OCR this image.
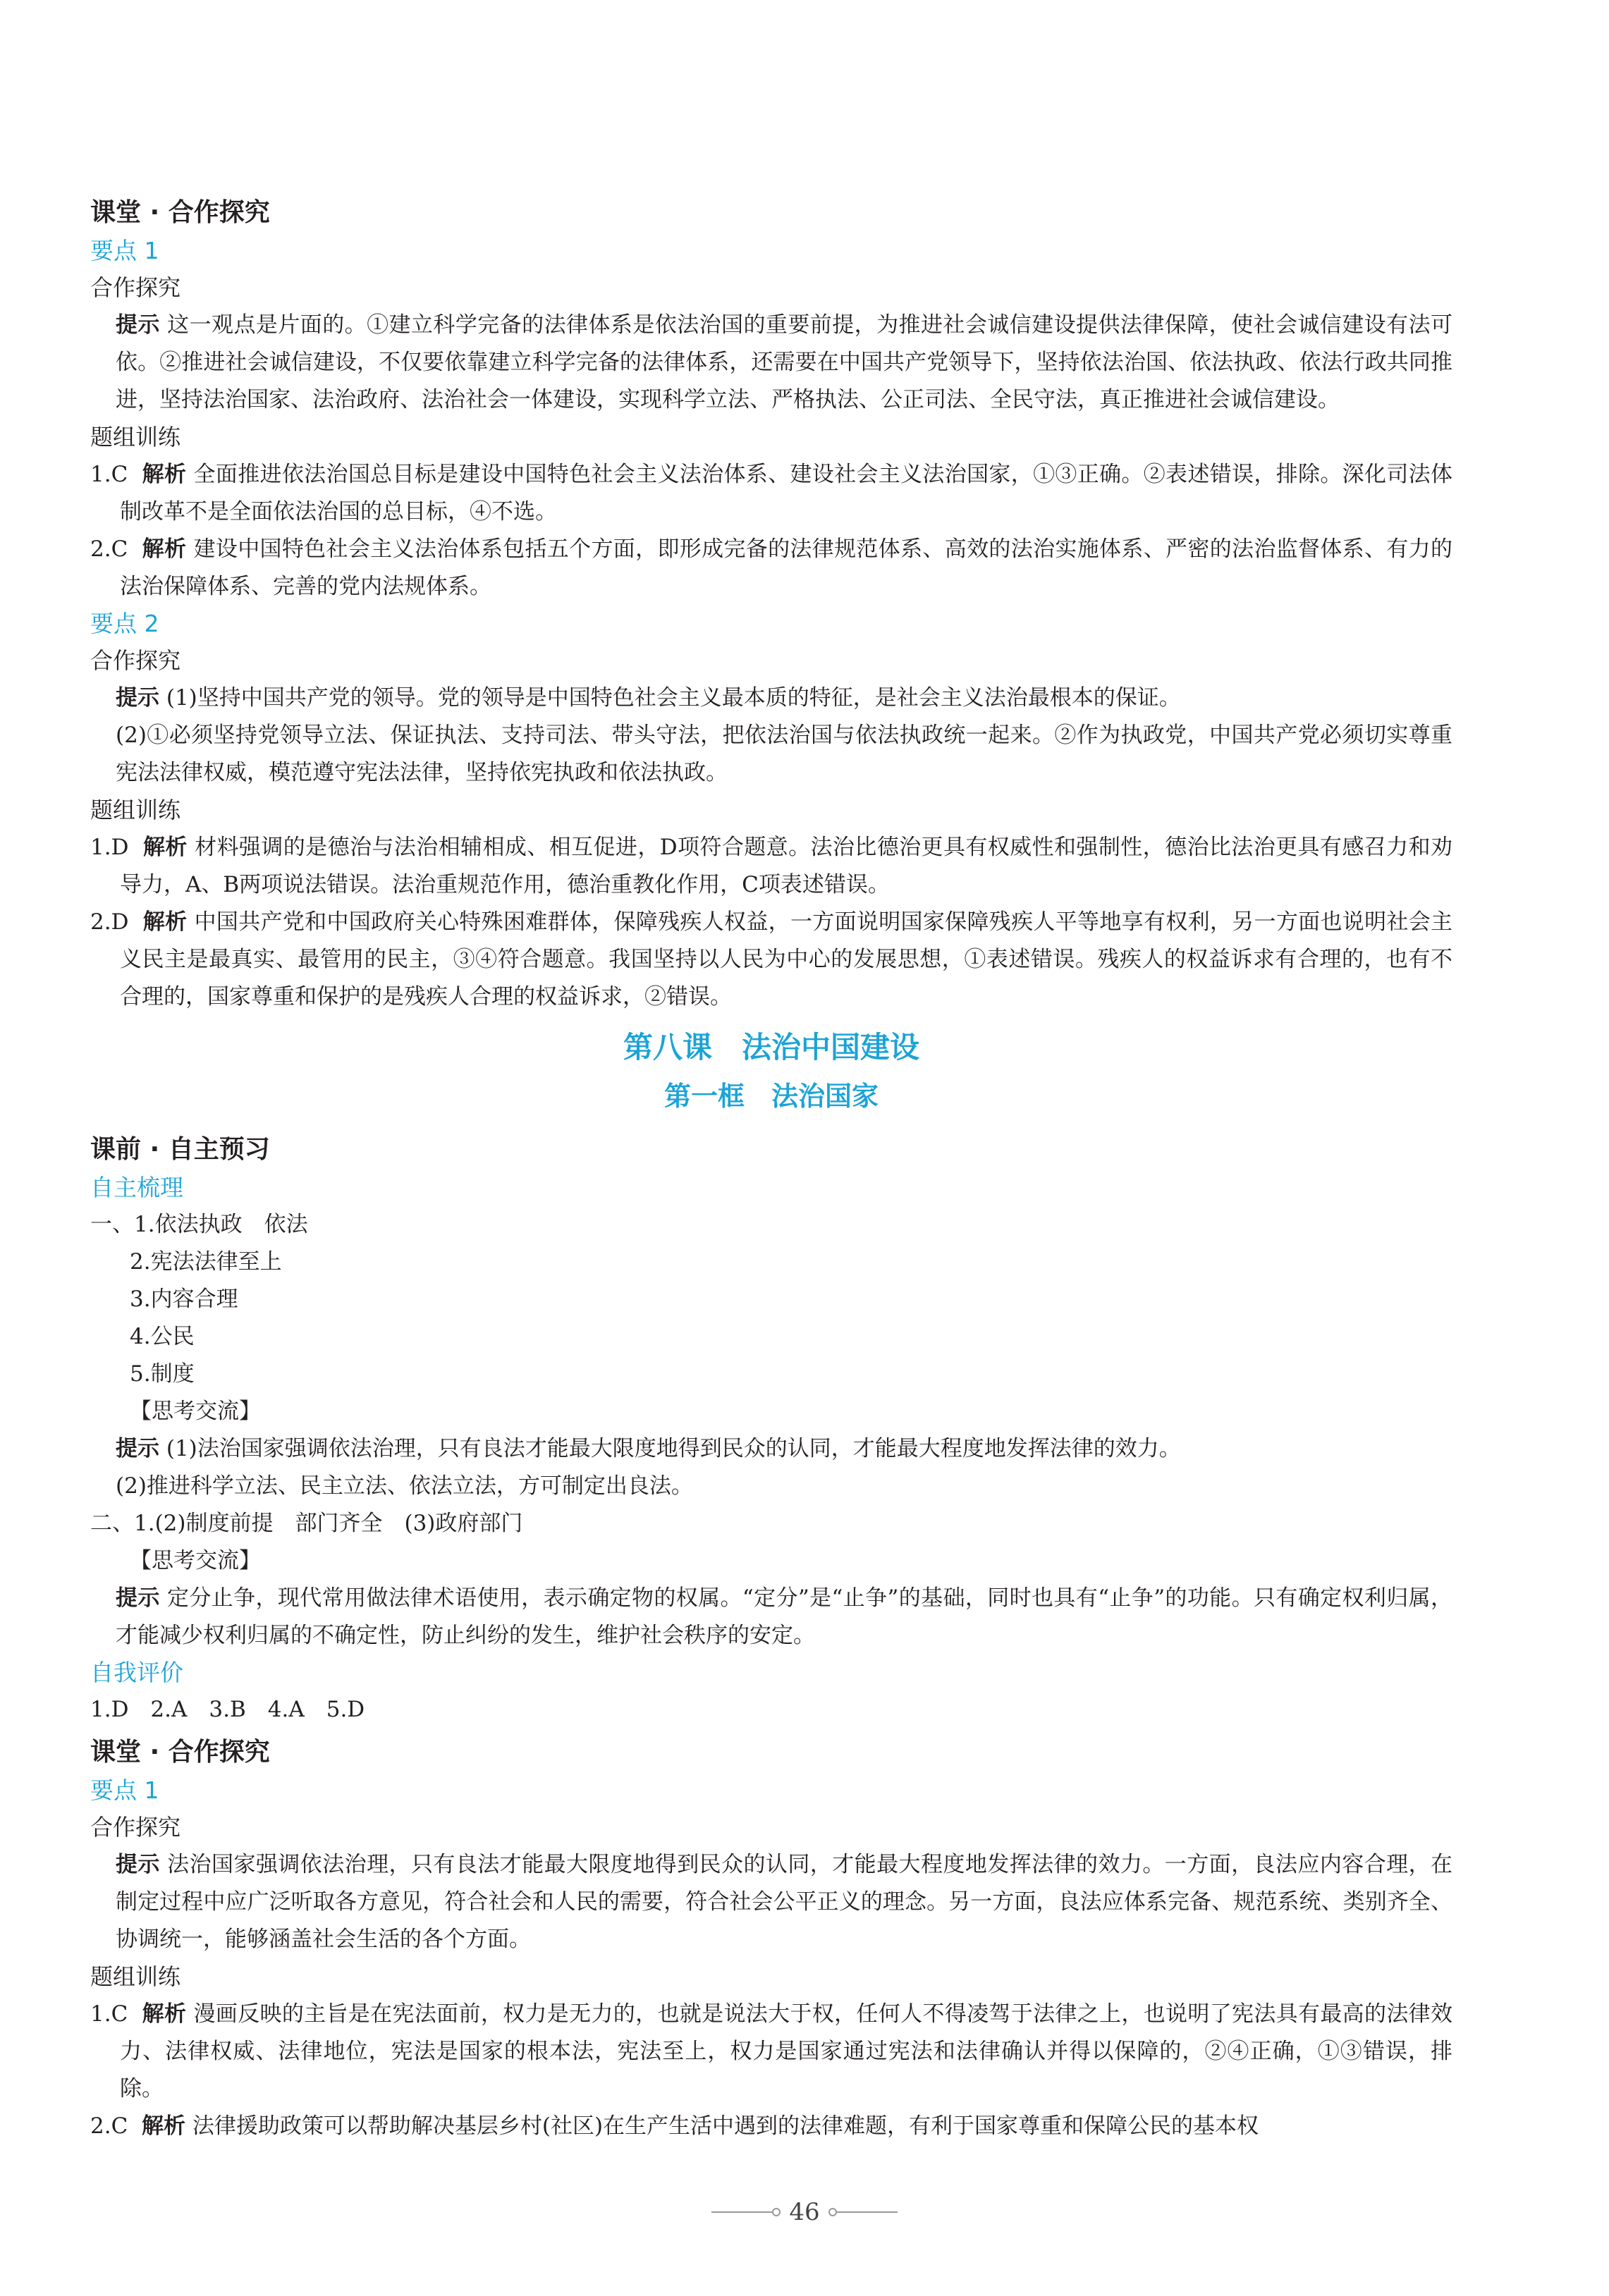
课堂 · 合作探究

要点 1

合作探究

提示 这一观点是片面的。①建立科学完备的法律体系是依法治国的重要前提，为推进社会诚信建设提供法律保障，使社会诚信建设有法可依。②推进社会诚信建设，不仅要依靠建立科学完备的法律体系，还需要在中国共产党领导下，坚持依法治国、依法执政、依法行政共同推进，坚持法治国家、法治政府、法治社会一体建设，实现科学立法、严格执法、公正司法、全民守法，真正推进社会诚信建设。

题组训练

1.C 解析 全面推进依法治国总目标是建设中国特色社会主义法治体系、建设社会主义法治国家，①③正确。②表述错误，排除。深化司法体制改革不是全面依法治国的总目标，④不选。

2.C 解析 建设中国特色社会主义法治体系包括五个方面，即形成完备的法律规范体系、高效的法治实施体系、严密的法治监督体系、有力的法治保障体系、完善的党内法规体系。

要点 2

合作探究

提示 (1)坚持中国共产党的领导。党的领导是中国特色社会主义最本质的特征，是社会主义法治最根本的保证。

(2)①必须坚持党领导立法、保证执法、支持司法、带头守法，把依法治国与依法执政统一起来。②作为执政党，中国共产党必须切实尊重宪法法律权威，模范遵守宪法法律，坚持依宪执政和依法执政。

题组训练

1.D 解析 材料强调的是德治与法治相辅相成、相互促进，D项符合题意。法治比德治更具有权威性和强制性，德治比法治更具有感召力和劝导力，A、B两项说法错误。法治重规范作用，德治重教化作用，C项表述错误。

2.D 解析 中国共产党和中国政府关心特殊困难群体，保障残疾人权益，一方面说明国家保障残疾人平等地享有权利，另一方面也说明社会主义民主是最真实、最管用的民主，③④符合题意。我国坚持以人民为中心的发展思想，①表述错误。残疾人的权益诉求有合理的，也有不合理的，国家尊重和保护的是残疾人合理的权益诉求，②错误。

第八课　法治中国建设

第一框　法治国家

课前 · 自主预习

自主梳理

一、1.依法执政　依法

2.宪法法律至上

3.内容合理

4.公民

5.制度

【思考交流】

提示 (1)法治国家强调依法治理，只有良法才能最大限度地得到民众的认同，才能最大程度地发挥法律的效力。

(2)推进科学立法、民主立法、依法立法，方可制定出良法。

二、1.(2)制度前提　部门齐全　(3)政府部门

【思考交流】

提示 定分止争，现代常用做法律术语使用，表示确定物的权属。“定分”是“止争”的基础，同时也具有“止争”的功能。只有确定权利归属，才能减少权利归属的不确定性，防止纠纷的发生，维护社会秩序的安定。

自我评价

1.D　2.A　3.B　4.A　5.D

课堂 · 合作探究

要点 1

合作探究

提示 法治国家强调依法治理，只有良法才能最大限度地得到民众的认同，才能最大程度地发挥法律的效力。一方面，良法应内容合理，在制定过程中应广泛听取各方意见，符合社会和人民的需要，符合社会公平正义的理念。另一方面，良法应体系完备、规范系统、类别齐全、协调统一，能够涵盖社会生活的各个方面。

题组训练

1.C 解析 漫画反映的主旨是在宪法面前，权力是无力的，也就是说法大于权，任何人不得凌驾于法律之上，也说明了宪法具有最高的法律效力、法律权威、法律地位，宪法是国家的根本法，宪法至上，权力是国家通过宪法和法律确认并得以保障的，②④正确，①③错误，排除。

2.C 解析 法律援助政策可以帮助解决基层乡村(社区)在生产生活中遇到的法律难题，有利于国家尊重和保障公民的基本权

46
